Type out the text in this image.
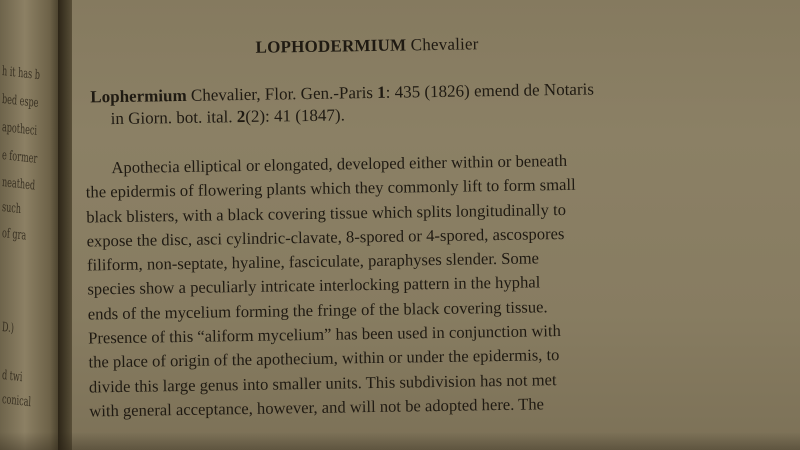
h it has b
bed espe
apotheci
e former
neathed
such
of gra
D.)
d twi
conical
LOPHODERMIUM Chevalier
Lophermium Chevalier, Flor. Gen.-Paris 1: 435 (1826) emend de Notaris
in Giorn. bot. ital. 2(2): 41 (1847).
Apothecia elliptical or elongated, developed either within or beneath
the epidermis of flowering plants which they commonly lift to form small
black blisters, with a black covering tissue which splits longitudinally to
expose the disc, asci cylindric-clavate, 8-spored or 4-spored, ascospores
filiform, non-septate, hyaline, fasciculate, paraphyses slender. Some
species show a peculiarly intricate interlocking pattern in the hyphal
ends of the mycelium forming the fringe of the black covering tissue.
Presence of this “aliform mycelium” has been used in conjunction with
the place of origin of the apothecium, within or under the epidermis, to
divide this large genus into smaller units. This subdivision has not met
with general acceptance, however, and will not be adopted here. The
